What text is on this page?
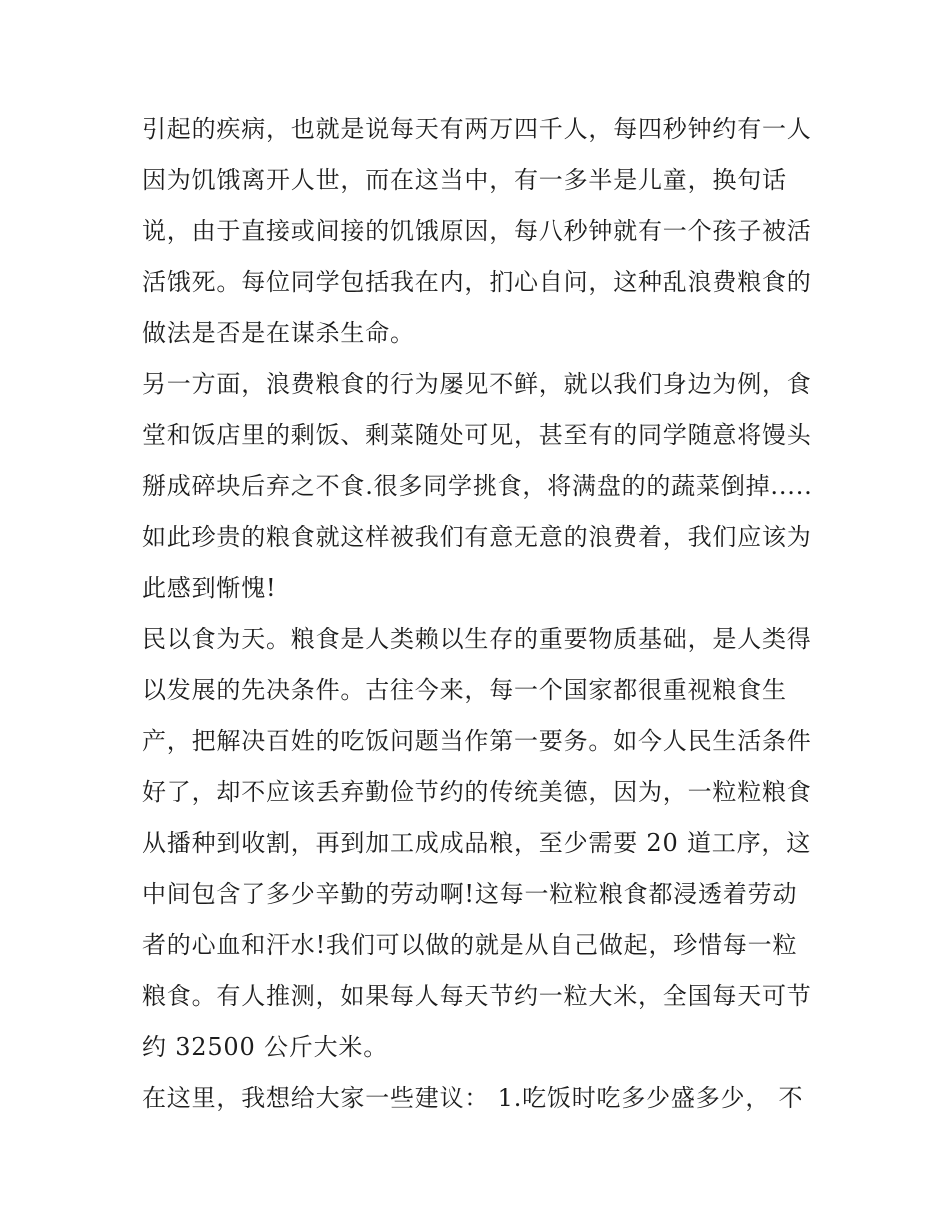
引起的疾病，也就是说每天有两万四千人，每四秒钟约有一人
因为饥饿离开人世，而在这当中，有一多半是儿童，换句话
说，由于直接或间接的饥饿原因，每八秒钟就有一个孩子被活
活饿死。每位同学包括我在内，扪心自问，这种乱浪费粮食的
做法是否是在谋杀生命。
另一方面，浪费粮食的行为屡见不鲜，就以我们身边为例，食
堂和饭店里的剩饭、剩菜随处可见，甚至有的同学随意将馒头
掰成碎块后弃之不食.很多同学挑食，将满盘的的蔬菜倒掉.....
如此珍贵的粮食就这样被我们有意无意的浪费着，我们应该为
此感到惭愧!
民以食为天。粮食是人类赖以生存的重要物质基础，是人类得
以发展的先决条件。古往今来，每一个国家都很重视粮食生
产，把解决百姓的吃饭问题当作第一要务。如今人民生活条件
好了，却不应该丢弃勤俭节约的传统美德，因为，一粒粒粮食
从播种到收割，再到加工成成品粮，至少需要 20 道工序，这
中间包含了多少辛勤的劳动啊!这每一粒粒粮食都浸透着劳动
者的心血和汗水!我们可以做的就是从自己做起，珍惜每一粒
粮食。有人推测，如果每人每天节约一粒大米，全国每天可节
约 32500 公斤大米。
在这里，我想给大家一些建议： 1.吃饭时吃多少盛多少， 不
